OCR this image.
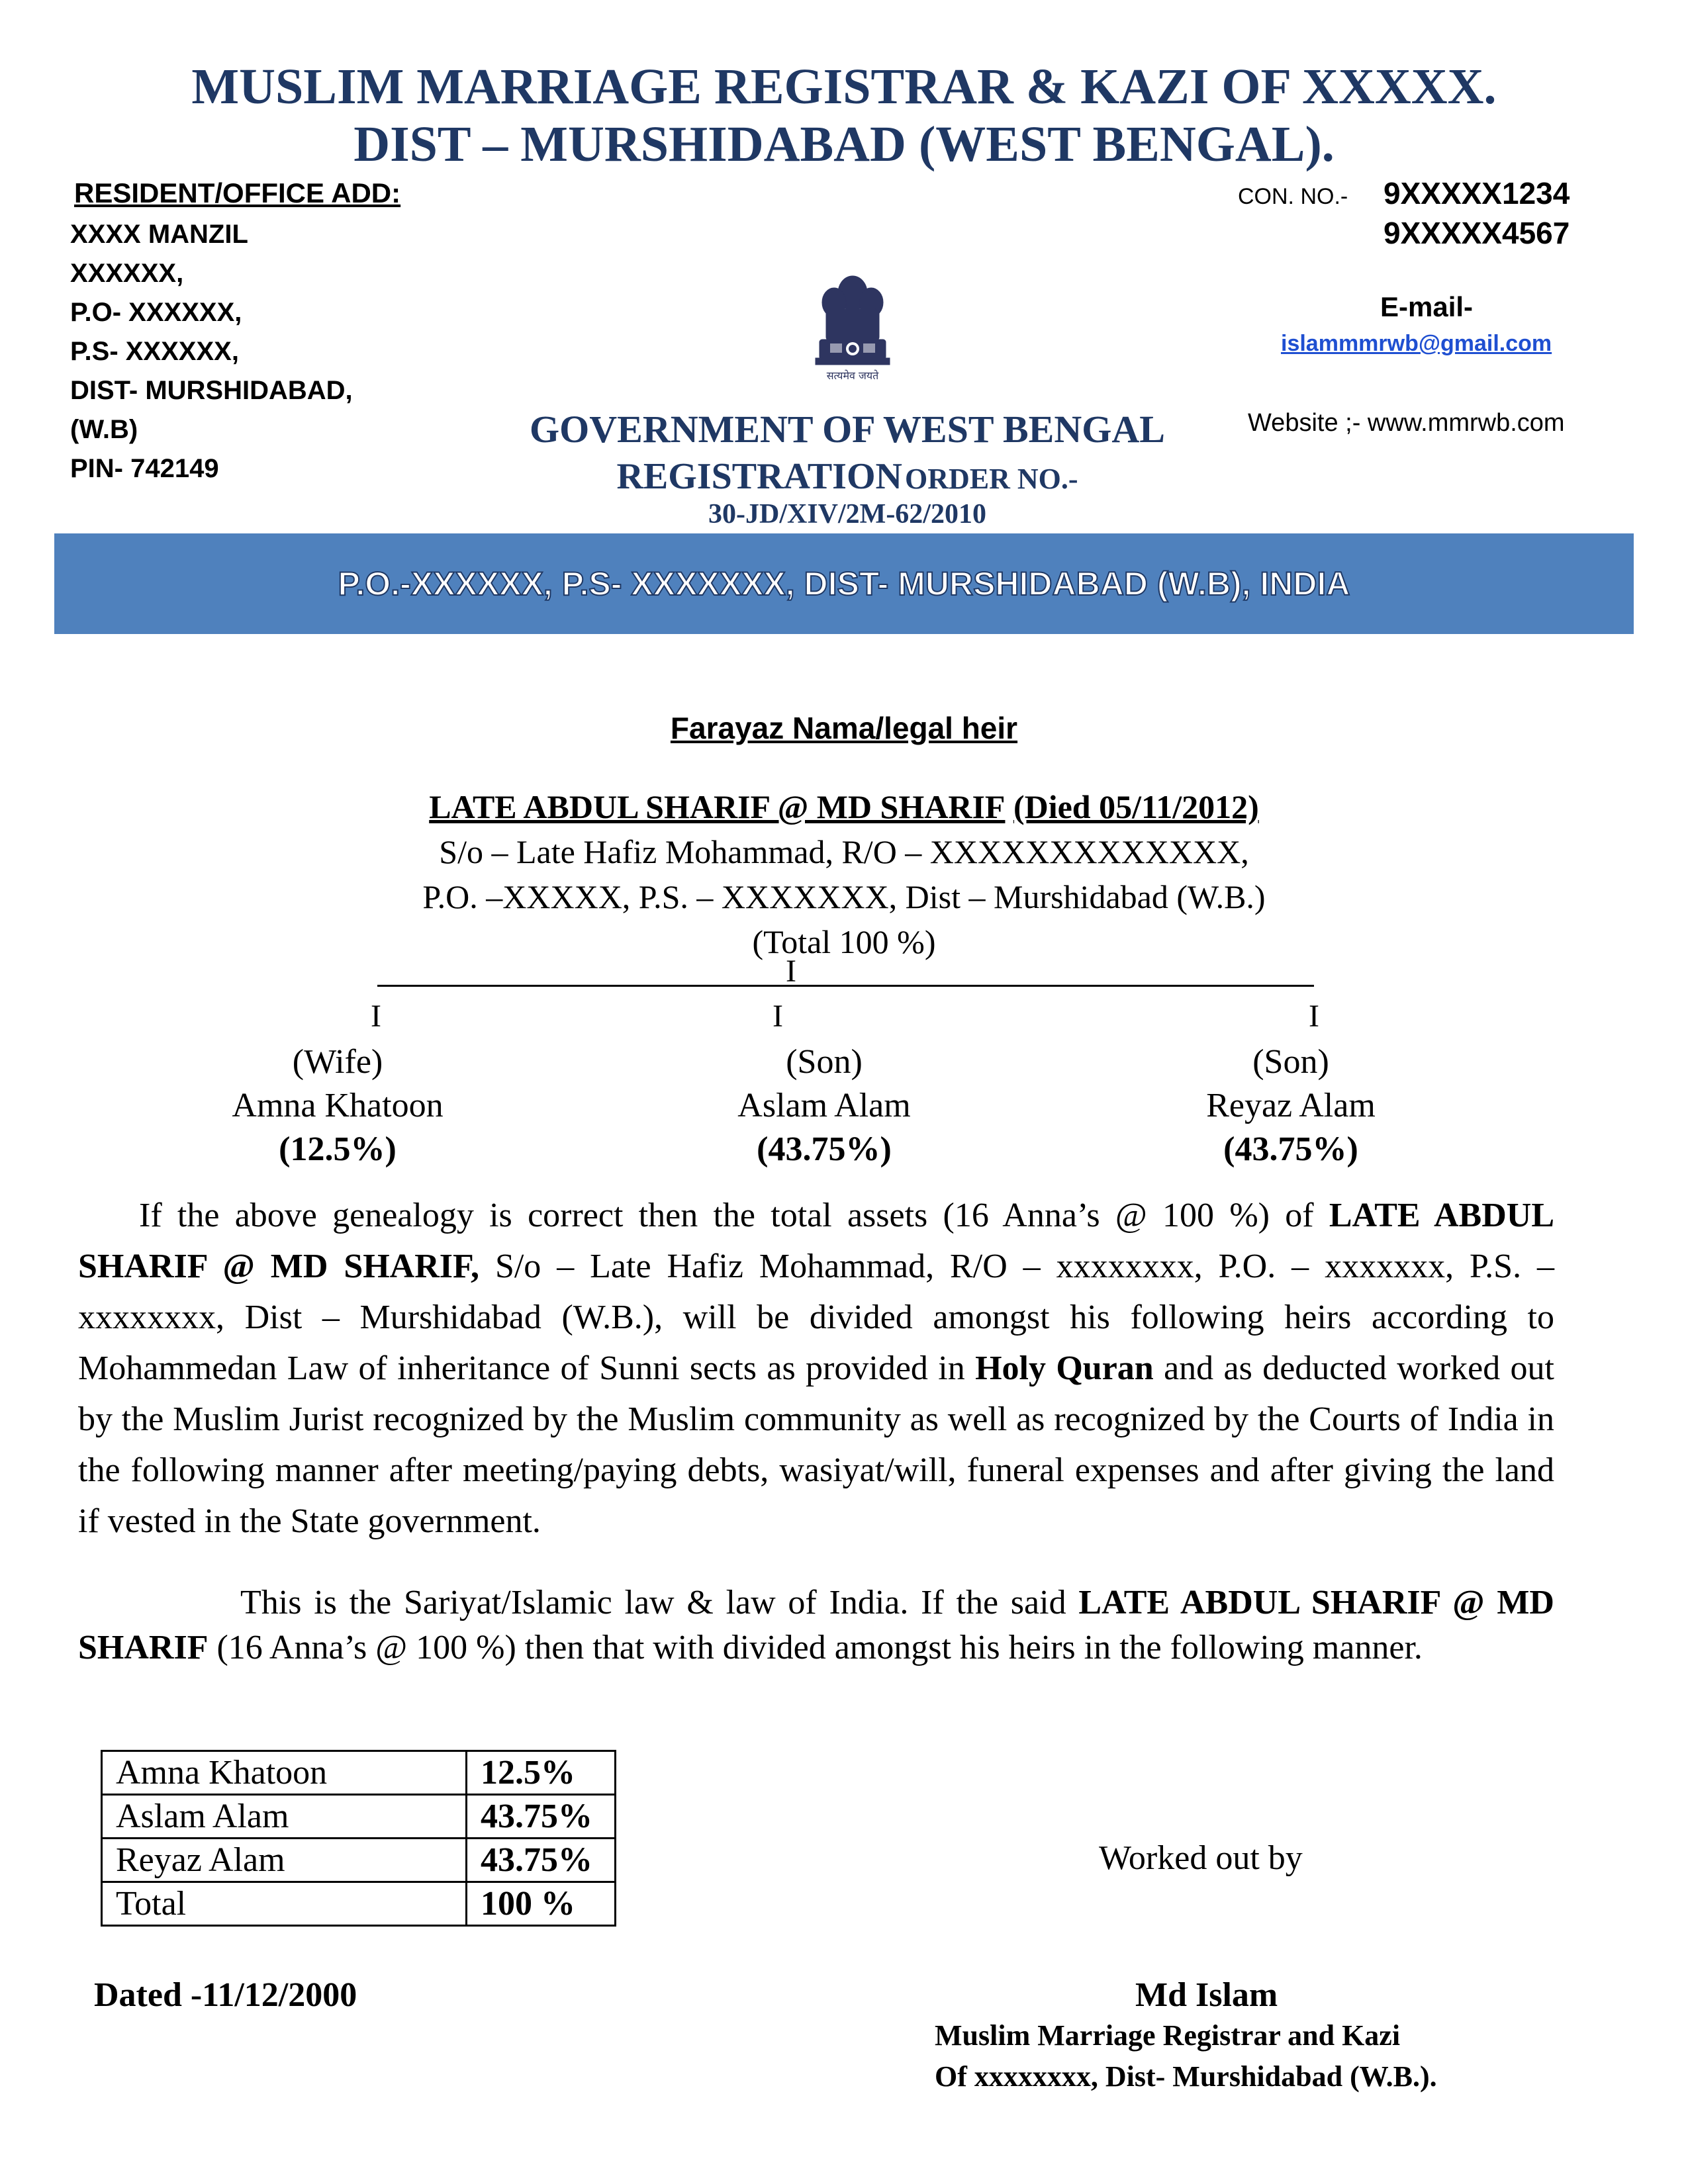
MUSLIM MARRIAGE REGISTRAR & KAZI OF XXXXX.
DIST – MURSHIDABAD (WEST BENGAL).
RESIDENT/OFFICE ADD:
XXXX MANZIL
XXXXXX,
P.O- XXXXXX,
P.S- XXXXXX,
DIST- MURSHIDABAD,
(W.B)
PIN- 742149
CON. NO.- 9XXXXX1234
9XXXXX4567
E-mail-
islammmrwb@gmail.com
Website ;- www.mmrwb.com
सत्यमेव जयते
GOVERNMENT OF WEST BENGAL
REGISTRATION ORDER NO.-
30-JD/XIV/2M-62/2010
P.O.-XXXXXX, P.S- XXXXXXX, DIST- MURSHIDABAD (W.B), INDIA
Farayaz Nama/legal heir
LATE ABDUL SHARIF @ MD SHARIF (Died 05/11/2012)
S/o – Late Hafiz Mohammad, R/O – XXXXXXXXXXXXX,
P.O. –XXXXX, P.S. – XXXXXXX, Dist – Murshidabad (W.B.)
(Total 100 %)
I
I	I	I
(Wife)
Amna Khatoon
(12.5%)
(Son)
Aslam Alam
(43.75%)
(Son)
Reyaz Alam
(43.75%)
If the above genealogy is correct then the total assets (16 Anna’s @ 100 %) of LATE ABDUL SHARIF @ MD SHARIF, S/o – Late Hafiz Mohammad, R/O – xxxxxxxx, P.O. – xxxxxxx, P.S. – xxxxxxxx, Dist – Murshidabad (W.B.), will be divided amongst his following heirs according to Mohammedan Law of inheritance of Sunni sects as provided in Holy Quran and as deducted worked out by the Muslim Jurist recognized by the Muslim community as well as recognized by the Courts of India in the following manner after meeting/paying debts, wasiyat/will, funeral expenses and after giving the land if vested in the State government.
This is the Sariyat/Islamic law & law of India. If the said LATE ABDUL SHARIF @ MD SHARIF (16 Anna’s @ 100 %) then that with divided amongst his heirs in the following manner.
Amna Khatoon	12.5%
Aslam Alam	43.75%
Reyaz Alam	43.75%
Total	100 %
Worked out by
Dated -11/12/2000	Md Islam
Muslim Marriage Registrar and Kazi
Of xxxxxxxx, Dist- Murshidabad (W.B.).
